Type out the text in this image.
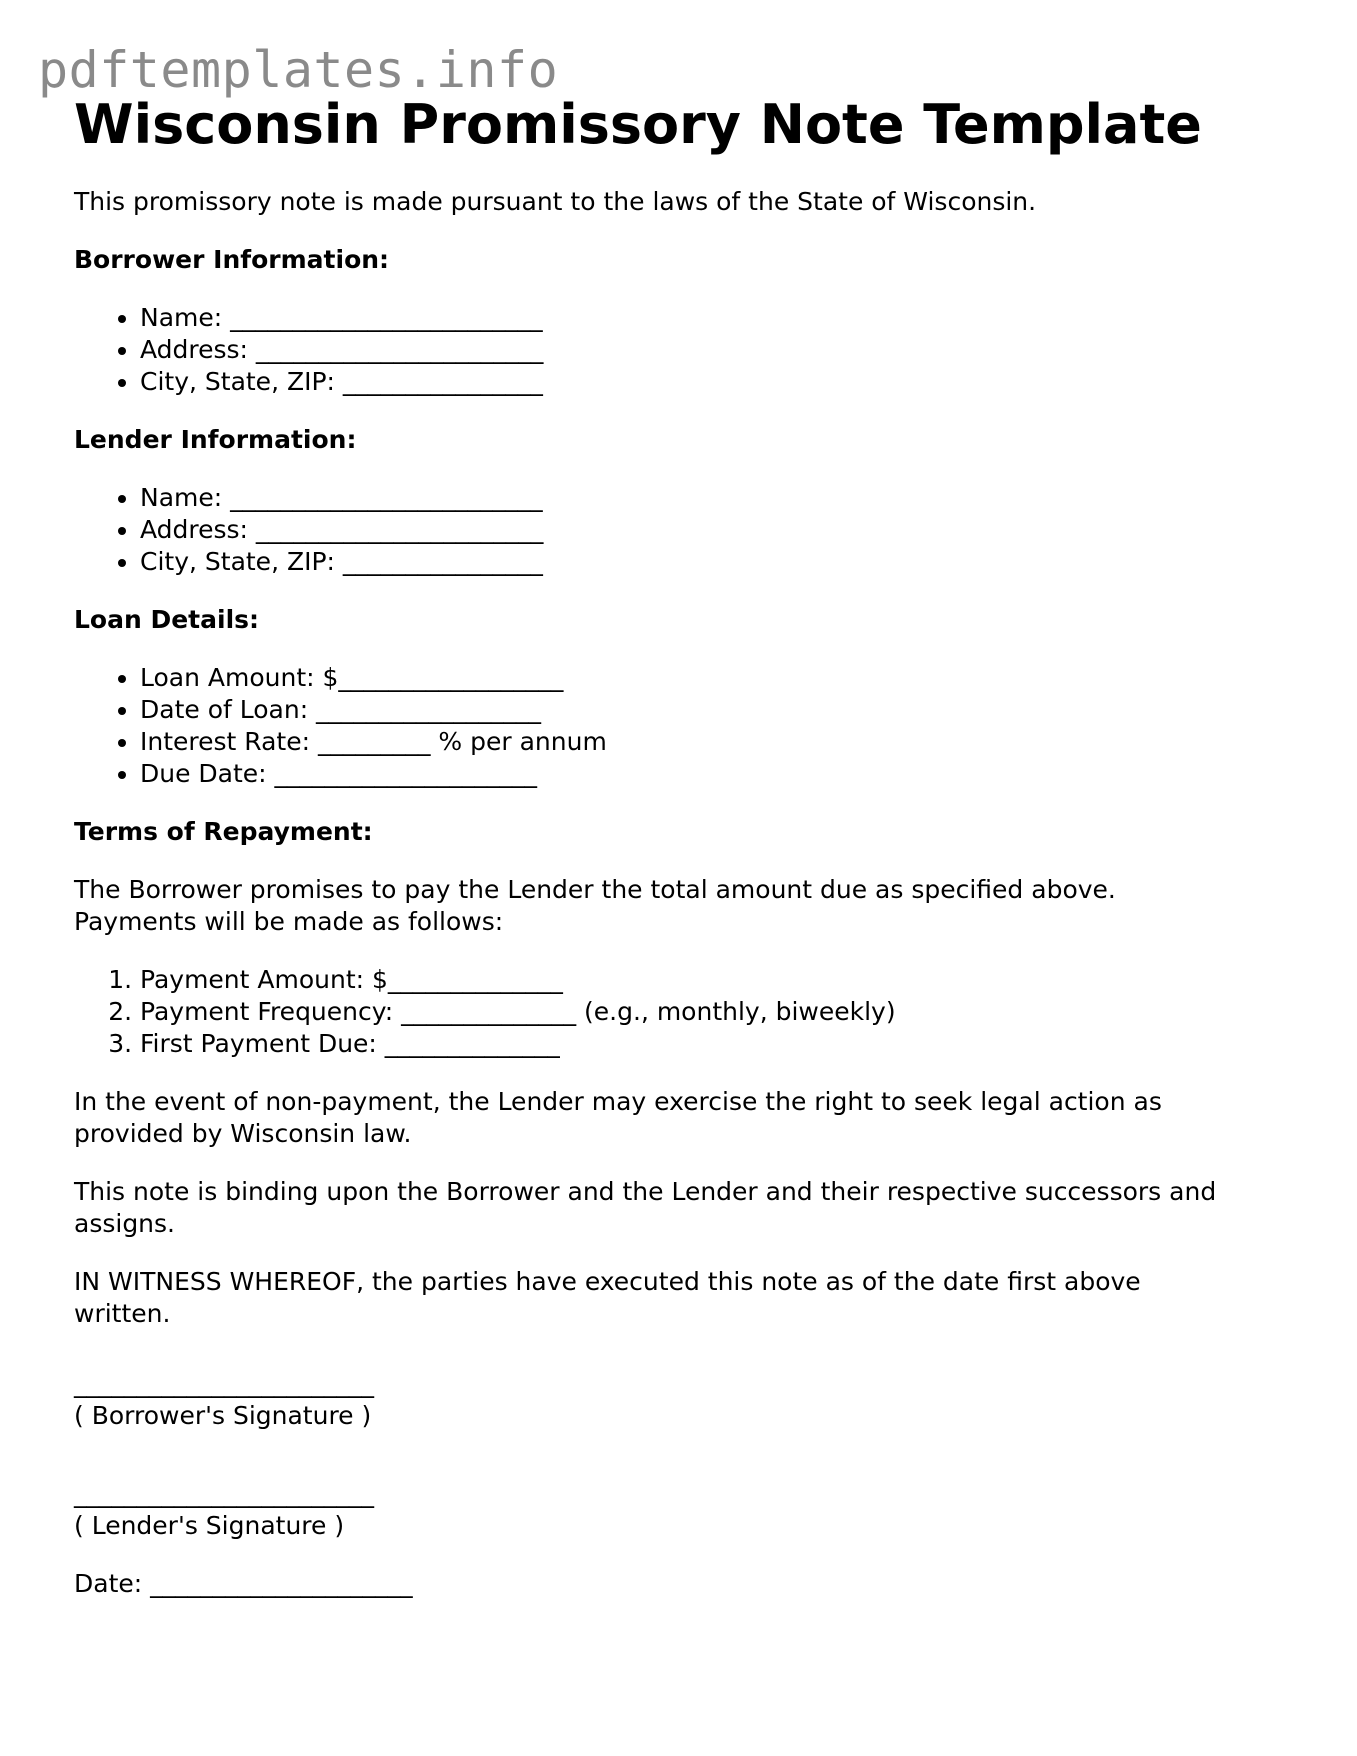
pdftemplates.info
Wisconsin Promissory Note Template

This promissory note is made pursuant to the laws of the State of Wisconsin.

Borrower Information:
• Name: _________________________
• Address: _______________________
• City, State, ZIP: ________________
Lender Information:
• Name: _________________________
• Address: _______________________
• City, State, ZIP: ________________
Loan Details:
• Loan Amount: $__________________
• Date of Loan: __________________
• Interest Rate: _________ % per annum
• Due Date: _____________________
Terms of Repayment:

The Borrower promises to pay the Lender the total amount due as specified above. Payments will be made as follows:

1. Payment Amount: $______________
2. Payment Frequency: ______________ (e.g., monthly, biweekly)
3. First Payment Due: ______________

In the event of non-payment, the Lender may exercise the right to seek legal action as provided by Wisconsin law.

This note is binding upon the Borrower and the Lender and their respective successors and assigns.

IN WITNESS WHEREOF, the parties have executed this note as of the date first above written.

________________________
( Borrower's Signature )
________________________
( Lender's Signature )

Date: _____________________
